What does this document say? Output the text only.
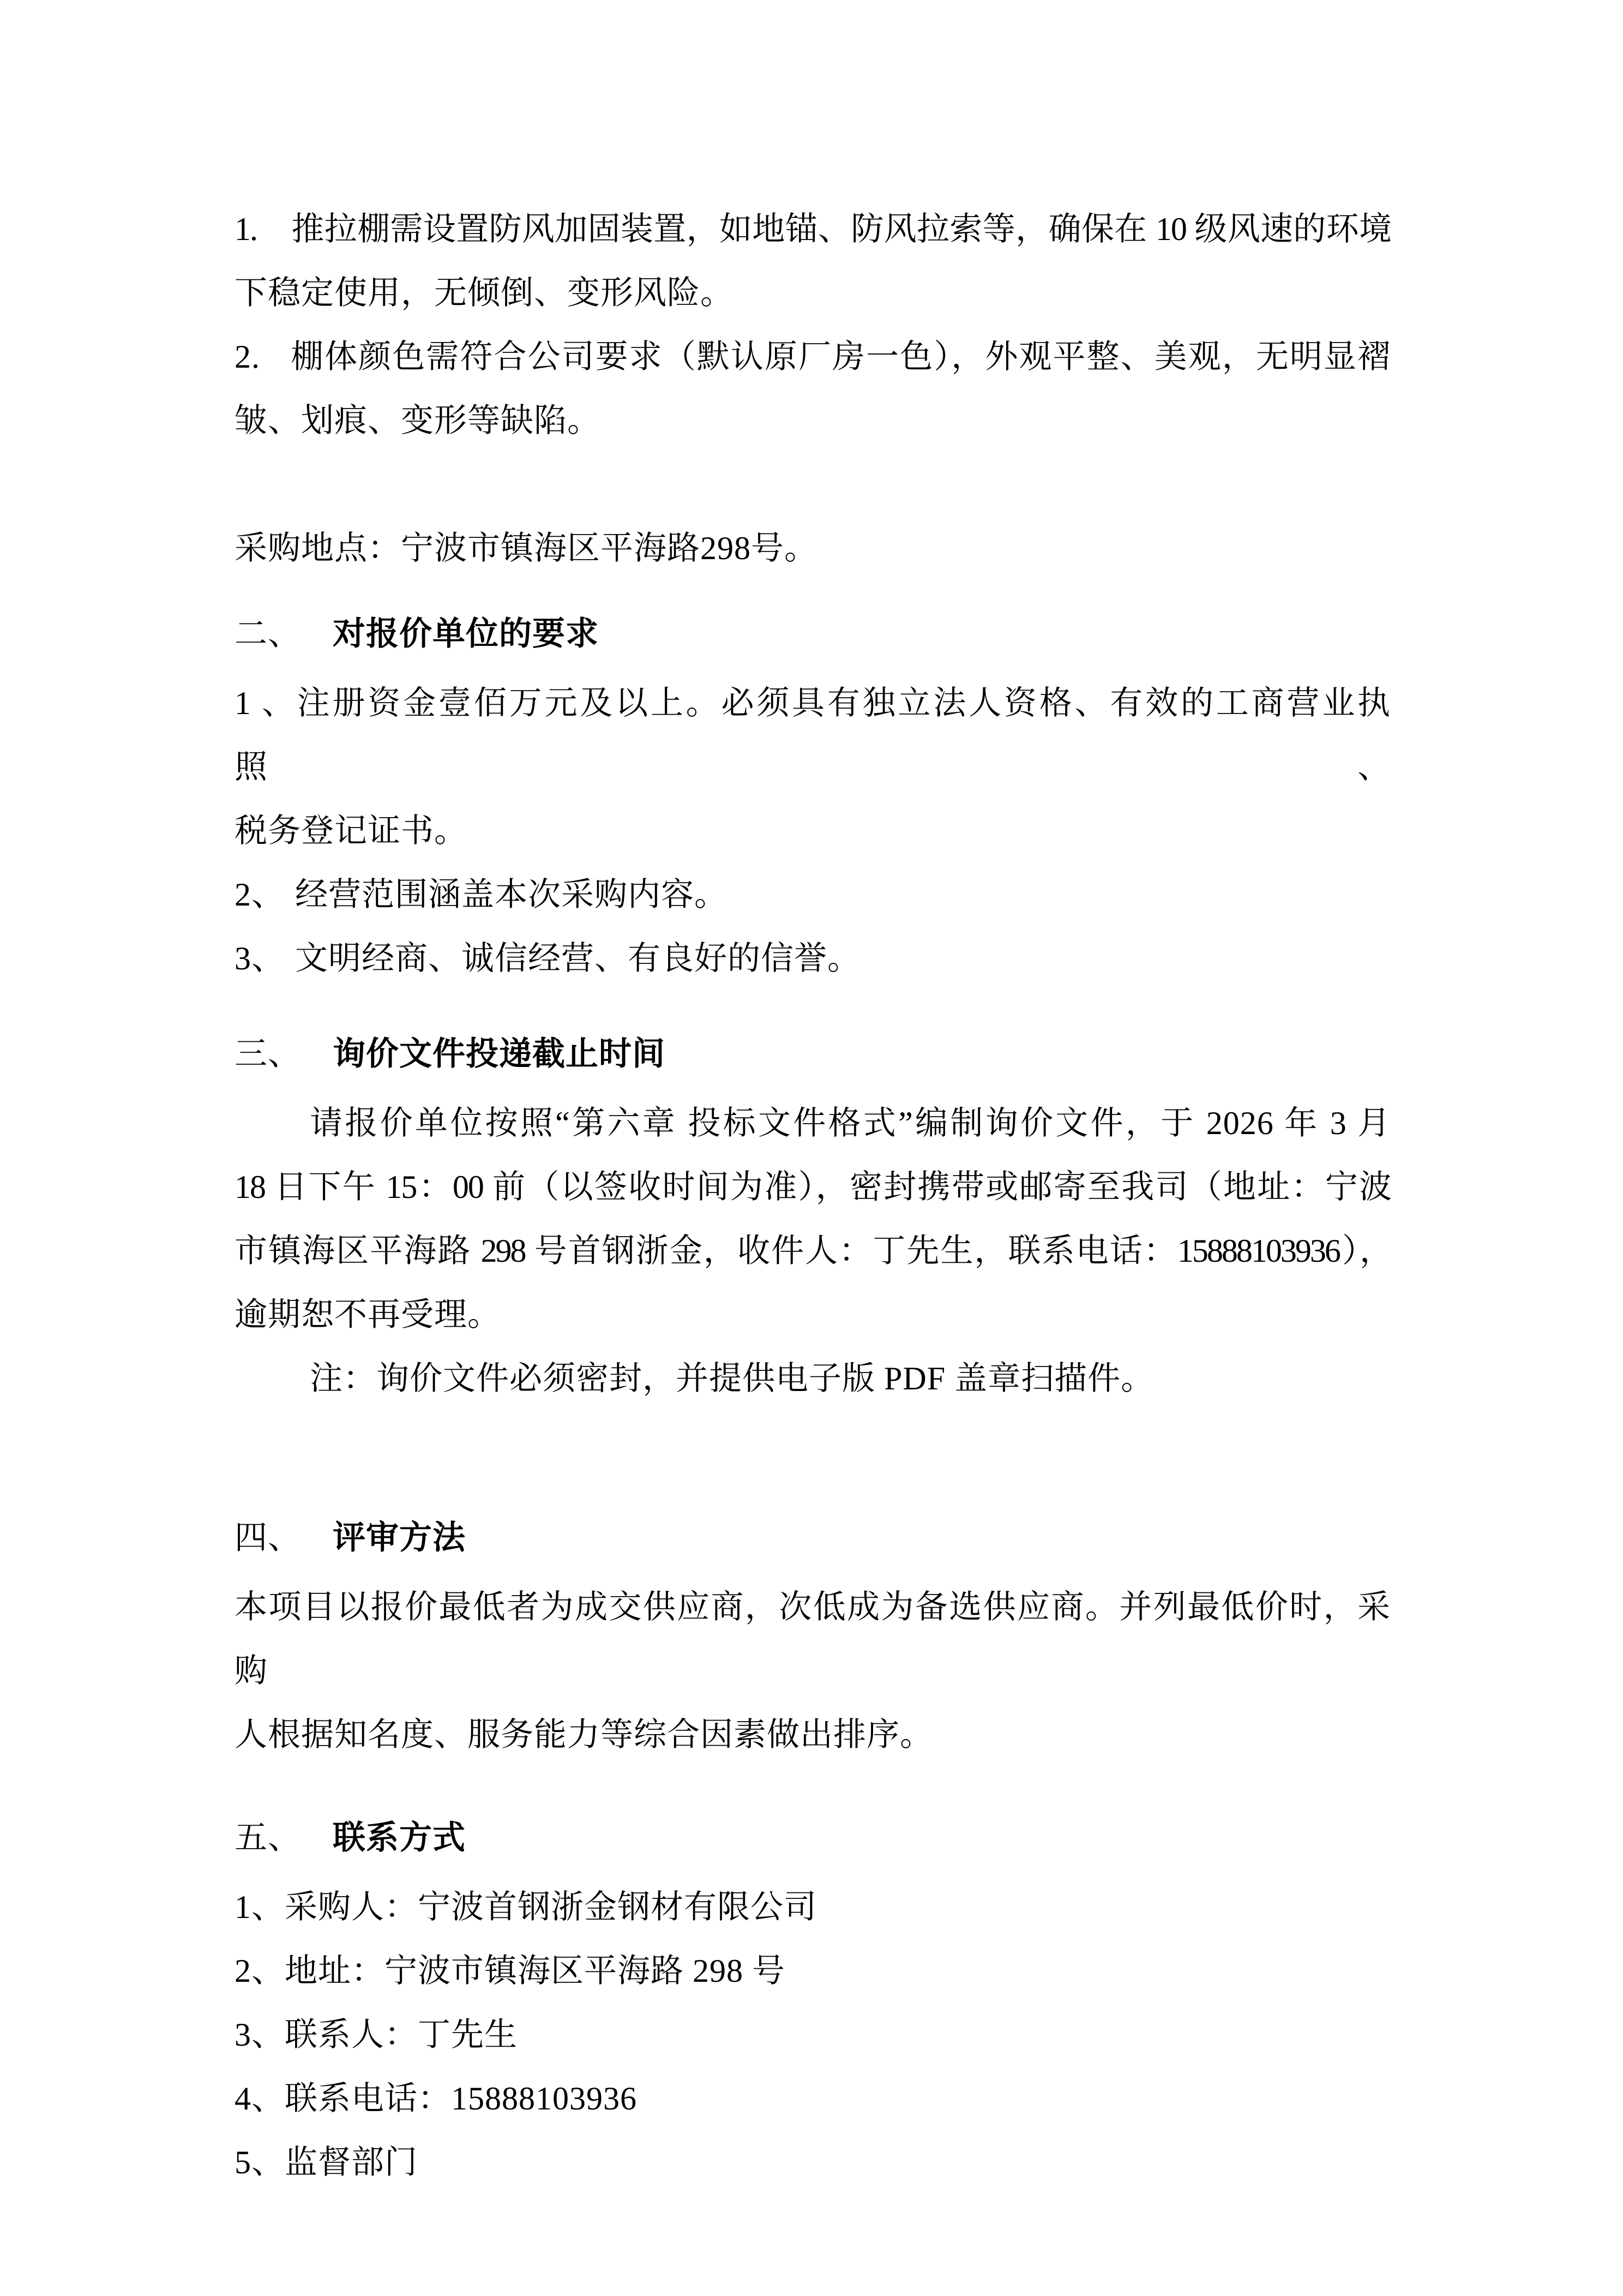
1. 推拉棚需设置防风加固装置，如地锚、防风拉索等，确保在 10 级风速的环境
下稳定使用，无倾倒、变形风险。
2. 棚体颜色需符合公司要求（默认原厂房一色），外观平整、美观，无明显褶
皱、划痕、变形等缺陷。
采购地点：宁波市镇海区平海路298号。
二、 对报价单位的要求
1、注册资金壹佰万元及以上。必须具有独立法人资格、有效的工商营业执照、
税务登记证书。
2、 经营范围涵盖本次采购内容。
3、 文明经商、诚信经营、有良好的信誉。
三、 询价文件投递截止时间
请报价单位按照“第六章 投标文件格式”编制询价文件，于 2026 年 3 月
18 日下午 15：00 前（以签收时间为准），密封携带或邮寄至我司（地址：宁波
市镇海区平海路 298 号首钢浙金，收件人：丁先生，联系电话：15888103936），
逾期恕不再受理。
注：询价文件必须密封，并提供电子版 PDF 盖章扫描件。
四、 评审方法
本项目以报价最低者为成交供应商，次低成为备选供应商。并列最低价时，采购
人根据知名度、服务能力等综合因素做出排序。
五、 联系方式
1、采购人：宁波首钢浙金钢材有限公司
2、地址：宁波市镇海区平海路 298 号
3、联系人：丁先生
4、联系电话：15888103936
5、监督部门
